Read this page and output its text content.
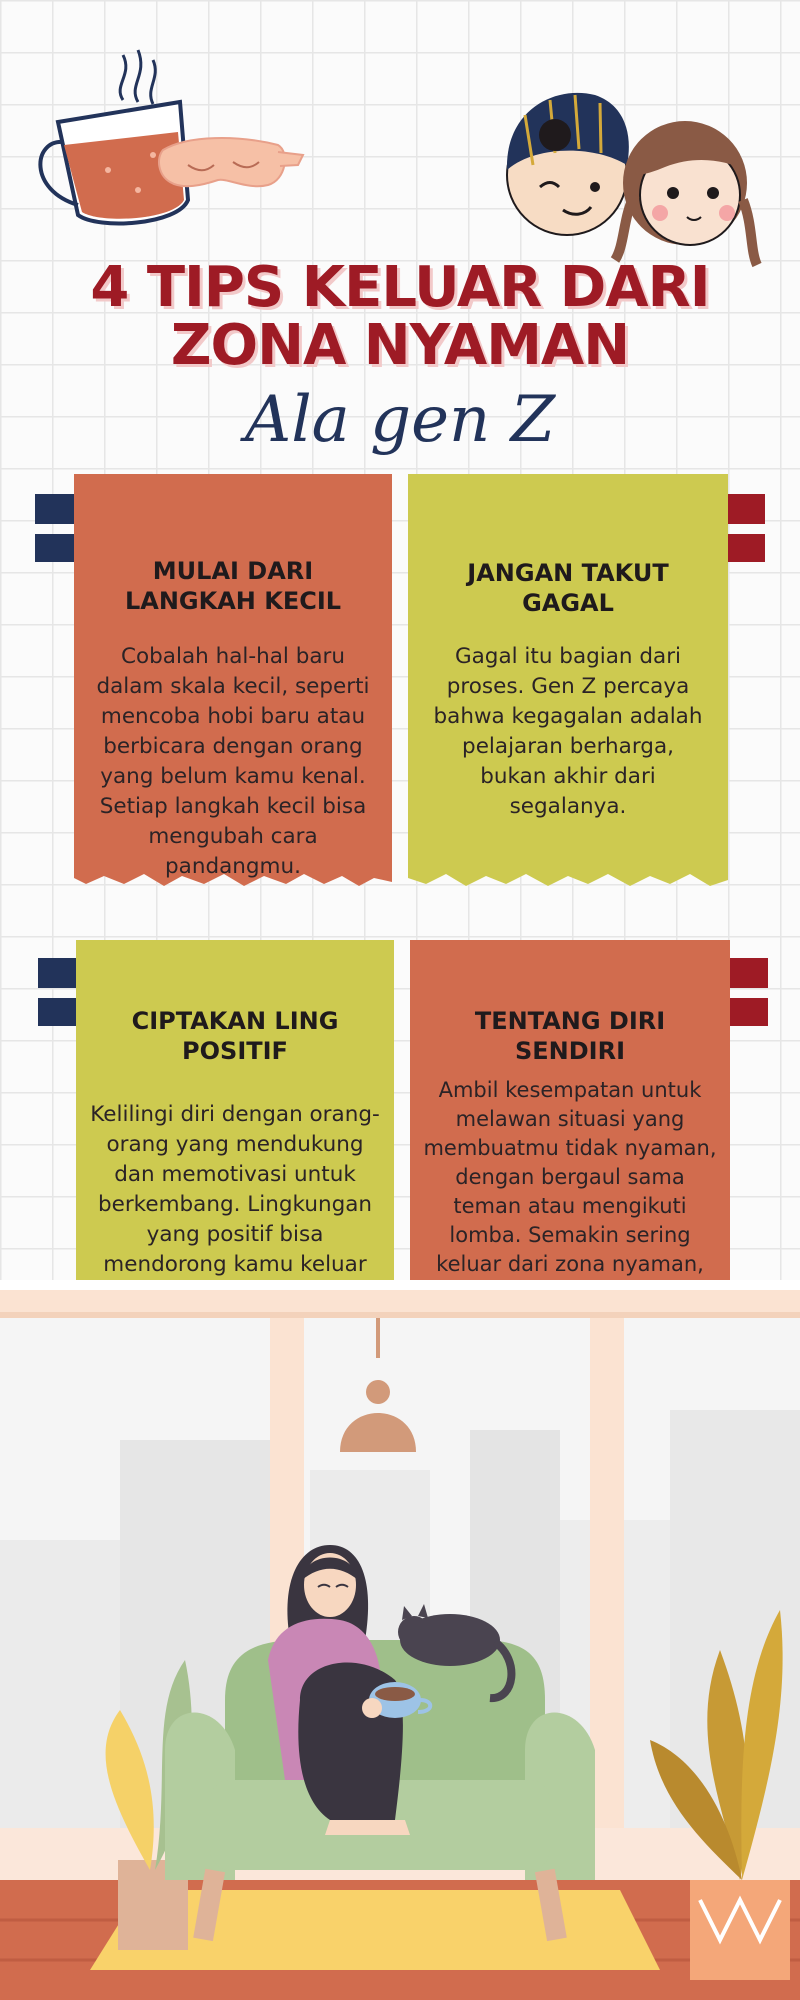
4 TIPS KELUAR DARI
ZONA NYAMAN
Ala gen Z
MULAI DARI LANGKAH KECIL
Cobalah hal-hal baru dalam skala kecil, seperti mencoba hobi baru atau berbicara dengan orang yang belum kamu kenal. Setiap langkah kecil bisa mengubah cara pandangmu.
JANGAN TAKUT GAGAL
Gagal itu bagian dari proses. Gen Z percaya bahwa kegagalan adalah pelajaran berharga, bukan akhir dari segalanya.
CIPTAKAN LING POSITIF
Kelilingi diri dengan orang-orang yang mendukung dan memotivasi untuk berkembang. Lingkungan yang positif bisa mendorong kamu keluar
TENTANG DIRI SENDIRI
Ambil kesempatan untuk melawan situasi yang membuatmu tidak nyaman, dengan bergaul sama teman atau mengikuti lomba. Semakin sering keluar dari zona nyaman,
